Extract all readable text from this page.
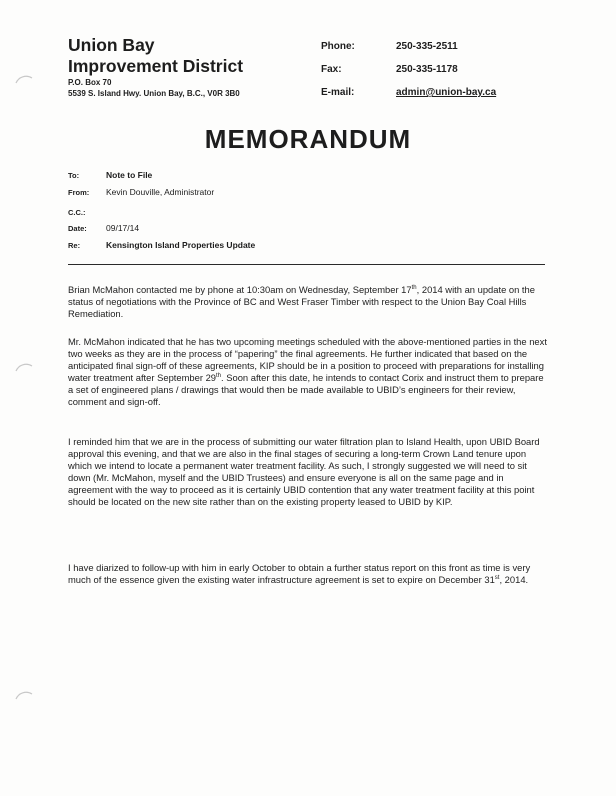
Union Bay
Improvement District
P.O. Box 70
5539 S. Island Hwy. Union Bay, B.C., V0R 3B0
Phone:	250-335-2511
Fax:	250-335-1178
E-mail:	admin@union-bay.ca
MEMORANDUM
To:	Note to File
From: Kevin Douville, Administrator
C.C.:
Date: 09/17/14
Re:	Kensington Island Properties Update
Brian McMahon contacted me by phone at 10:30am on Wednesday, September 17th, 2014 with an update on the status of negotiations with the Province of BC and West Fraser Timber with respect to the Union Bay Coal Hills Remediation.
Mr. McMahon indicated that he has two upcoming meetings scheduled with the above-mentioned parties in the next two weeks as they are in the process of “papering” the final agreements. He further indicated that based on the anticipated final sign-off of these agreements, KIP should be in a position to proceed with preparations for installing water treatment after September 29th. Soon after this date, he intends to contact Corix and instruct them to prepare a set of engineered plans / drawings that would then be made available to UBID’s engineers for their review, comment and sign-off.
I reminded him that we are in the process of submitting our water filtration plan to Island Health, upon UBID Board approval this evening, and that we are also in the final stages of securing a long-term Crown Land tenure upon which we intend to locate a permanent water treatment facility. As such, I strongly suggested we will need to sit down (Mr. McMahon, myself and the UBID Trustees) and ensure everyone is all on the same page and in agreement with the way to proceed as it is certainly UBID contention that any water treatment facility at this point should be located on the new site rather than on the existing property leased to UBID by KIP.
I have diarized to follow-up with him in early October to obtain a further status report on this front as time is very much of the essence given the existing water infrastructure agreement is set to expire on December 31st, 2014.
